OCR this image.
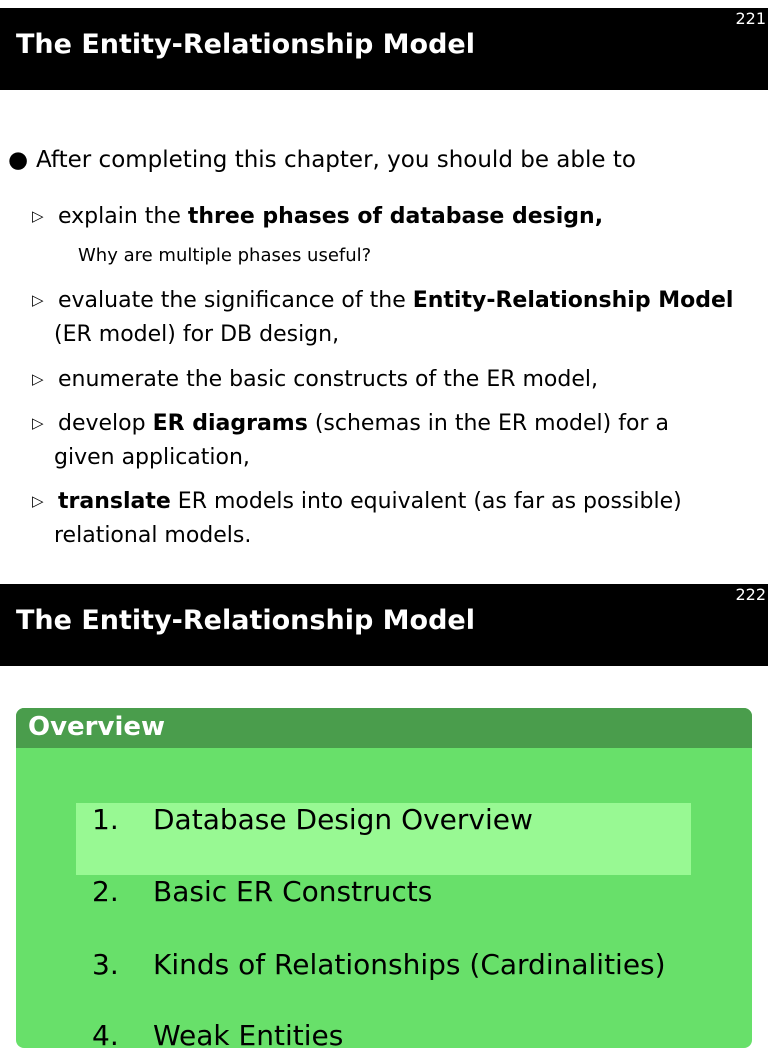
221
The Entity-Relationship Model
● After completing this chapter, you should be able to
▷ explain the three phases of database design,
Why are multiple phases useful?
▷ evaluate the significance of the Entity-Relationship Model
(ER model) for DB design,
▷ enumerate the basic constructs of the ER model,
▷ develop ER diagrams (schemas in the ER model) for a
given application,
▷ translate ER models into equivalent (as far as possible)
relational models.
222
The Entity-Relationship Model
Overview
1. Database Design Overview
2. Basic ER Constructs
3. Kinds of Relationships (Cardinalities)
4. Weak Entities
